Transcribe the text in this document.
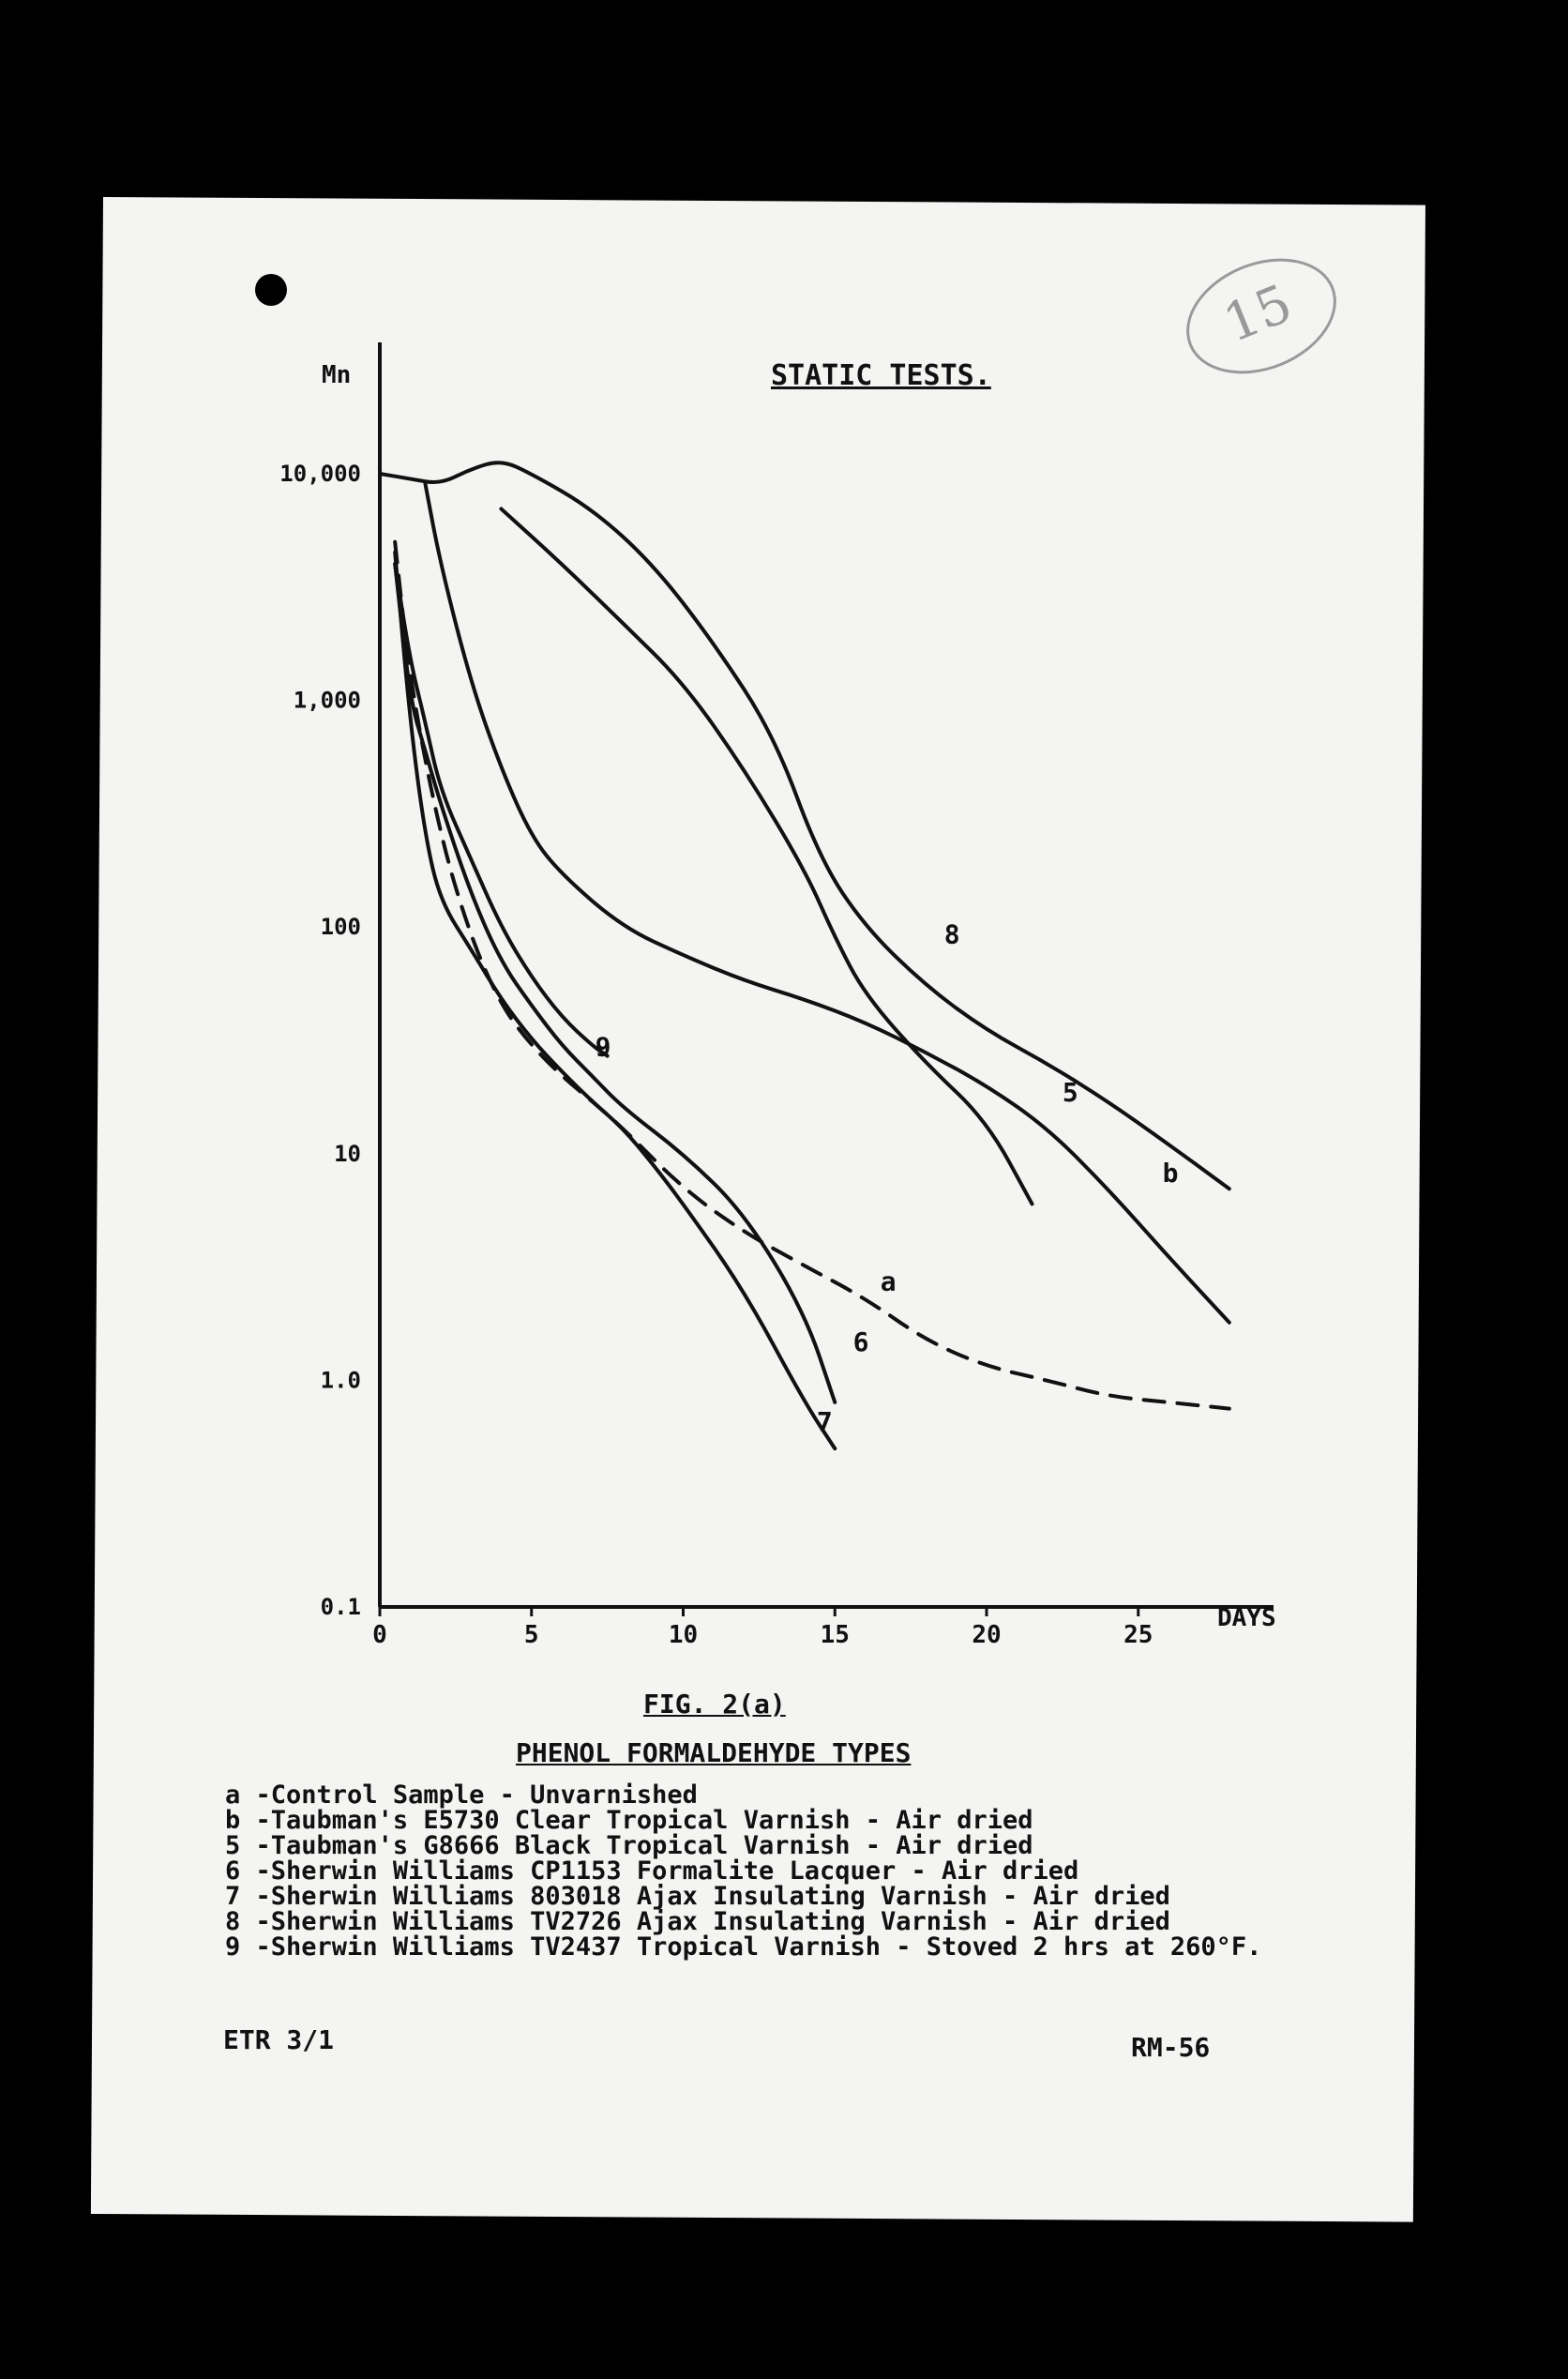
0	5	10	15	20	25
0.1
1.0
10
100
1,000
10,000
a
b
5
6
7
8
9
STATIC TESTS.
15
Mn
DAYS
FIG. 2(a)
PHENOL FORMALDEHYDE TYPES
a -Control Sample - Unvarnished
b -Taubman's E5730 Clear Tropical Varnish - Air dried
5 -Taubman's G8666 Black Tropical Varnish - Air dried
6 -Sherwin Williams CP1153 Formalite Lacquer - Air dried
7 -Sherwin Williams 803018 Ajax Insulating Varnish - Air dried
8 -Sherwin Williams TV2726 Ajax Insulating Varnish - Air dried
9 -Sherwin Williams TV2437 Tropical Varnish - Stoved 2 hrs at 260°F.
ETR 3/1	RM-56
